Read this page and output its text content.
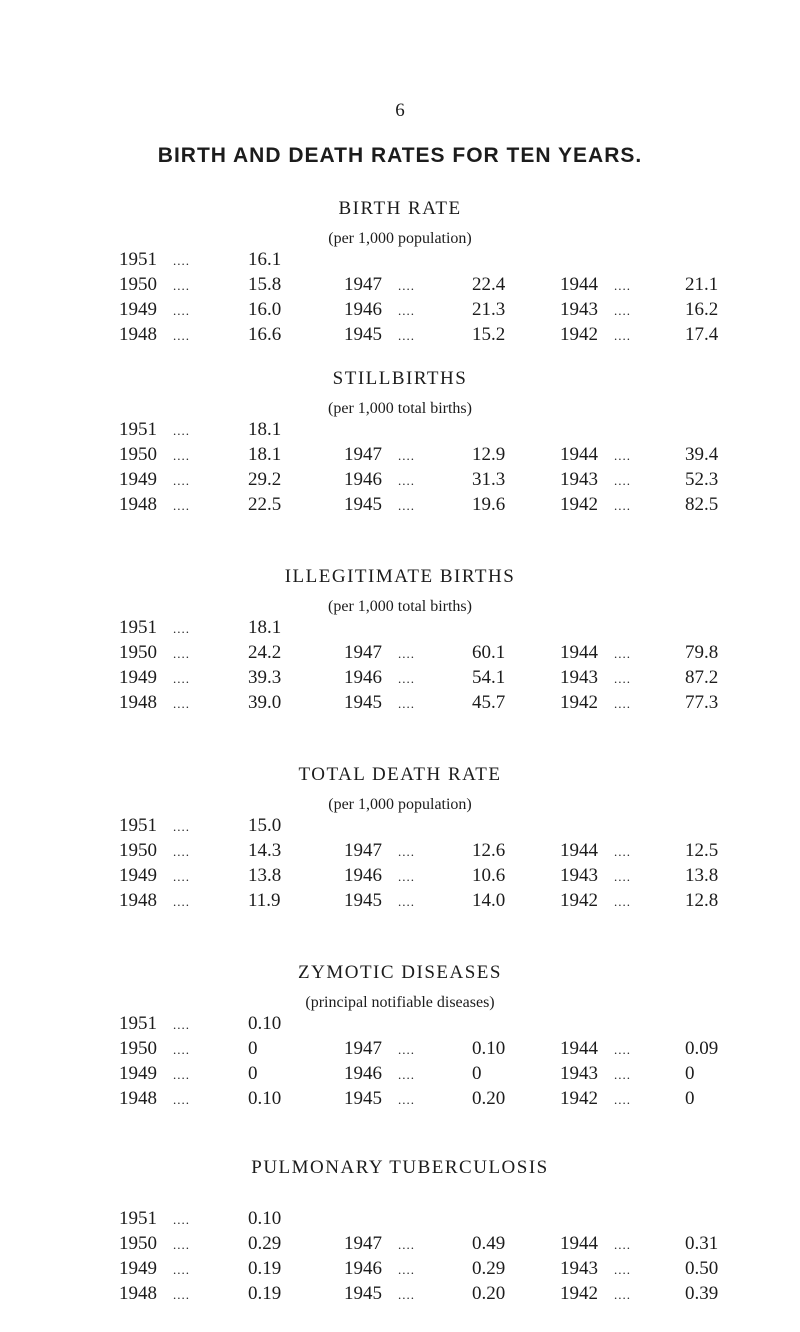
6
BIRTH AND DEATH RATES FOR TEN YEARS.
BIRTH RATE
(per 1,000 population)
1951 ....	16.1
1950 ....	15.8	1947 ....	22.4	1944 ....	21.1
1949 ....	16.0	1946 ....	21.3	1943 ....	16.2
1948 ....	16.6	1945 ....	15.2	1942 ....	17.4
STILLBIRTHS
(per 1,000 total births)
1951 ....	18.1
1950 ....	18.1	1947 ....	12.9	1944 ....	39.4
1949 ....	29.2	1946 ....	31.3	1943 ....	52.3
1948 ....	22.5	1945 ....	19.6	1942 ....	82.5
ILLEGITIMATE BIRTHS
(per 1,000 total births)
1951 ....	18.1
1950 ....	24.2	1947 ....	60.1	1944 ....	79.8
1949 ....	39.3	1946 ....	54.1	1943 ....	87.2
1948 ....	39.0	1945 ....	45.7	1942 ....	77.3
TOTAL DEATH RATE
(per 1,000 population)
1951 ....	15.0
1950 ....	14.3	1947 ....	12.6	1944 ....	12.5
1949 ....	13.8	1946 ....	10.6	1943 ....	13.8
1948 ....	11.9	1945 ....	14.0	1942 ....	12.8
ZYMOTIC DISEASES
(principal notifiable diseases)
1951 ....	0.10
1950 ....	0	1947 ....	0.10	1944 ....	0.09
1949 ....	0	1946 ....	0	1943 ....	0
1948 ....	0.10	1945 ....	0.20	1942 ....	0
PULMONARY TUBERCULOSIS
1951 ....	0.10
1950 ....	0.29	1947 ....	0.49	1944 ....	0.31
1949 ....	0.19	1946 ....	0.29	1943 ....	0.50
1948 ....	0.19	1945 ....	0.20	1942 ....	0.39
